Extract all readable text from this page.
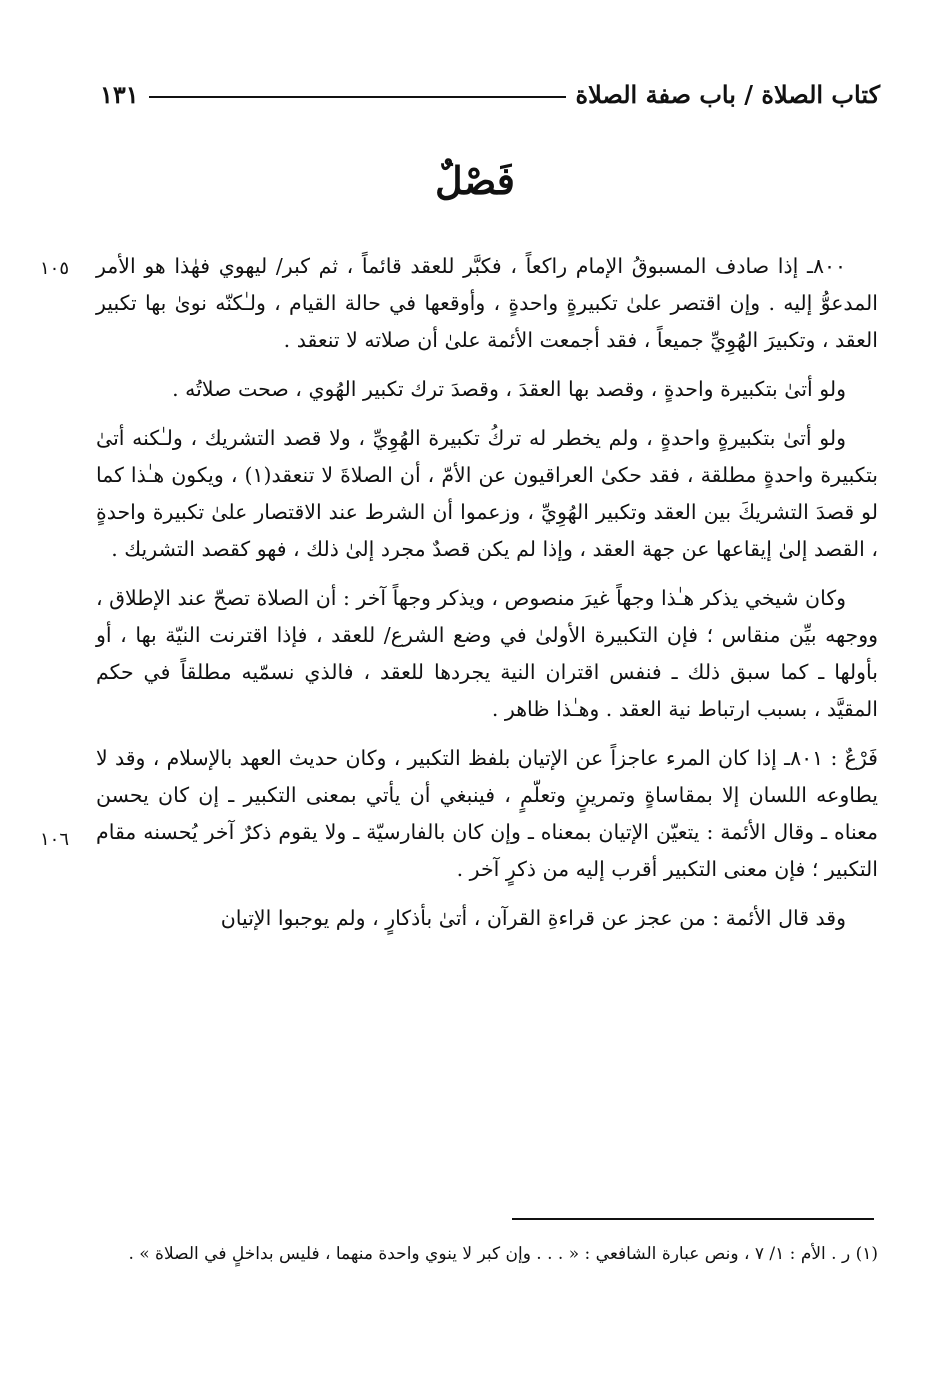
كتاب الصلاة / باب صفة الصلاة
١٣١
فَصْلٌ
١٠٥
١٠٦

٨٠٠ـ إذا صادف المسبوقُ الإمام راكعاً ، فكبَّر للعقد قائماً ، ثم كبر/ ليهوي فهٰذا هو الأمر المدعوُّ إليه . وإن اقتصر علىٰ تكبيرةٍ واحدةٍ ، وأوقعها في حالة القيام ، ولـٰكنّه نوىٰ بها تكبير العقد ، وتكبيرَ الهُوِيِّ جميعاً ، فقد أجمعت الأئمة علىٰ أن صلاته لا تنعقد .

ولو أتىٰ بتكبيرة واحدةٍ ، وقصد بها العقدَ ، وقصدَ ترك تكبير الهُوي ، صحت صلاتُه .

ولو أتىٰ بتكبيرةٍ واحدةٍ ، ولم يخطر له تركُ تكبيرة الهُوِيِّ ، ولا قصد التشريك ، ولـٰكنه أتىٰ بتكبيرة واحدةٍ مطلقة ، فقد حكىٰ العراقيون عن الأمّ ، أن الصلاةَ لا تنعقد(١) ، ويكون هـٰذا كما لو قصدَ التشريكَ بين العقد وتكبير الهُوِيِّ ، وزعموا أن الشرط عند الاقتصار علىٰ تكبيرة واحدةٍ ، القصد إلىٰ إيقاعها عن جهة العقد ، وإذا لم يكن قصدٌ مجرد إلىٰ ذلك ، فهو كقصد التشريك .

وكان شيخي يذكر هـٰذا وجهاً غيرَ منصوص ، ويذكر وجهاً آخر : أن الصلاة تصحّ عند الإطلاق ، ووجهه بيِّن منقاس ؛ فإن التكبيرة الأولىٰ في وضع الشرع/ للعقد ، فإذا اقترنت النيّة بها ، أو بأولها ـ كما سبق ذلك ـ فنفس اقتران النية يجردها للعقد ، فالذي نسمّيه مطلقاً في حكم المقيَّد ، بسبب ارتباط نية العقد . وهـٰذا ظاهر .

فَرْعٌ : ٨٠١ـ إذا كان المرء عاجزاً عن الإتيان بلفظ التكبير ، وكان حديث العهد بالإسلام ، وقد لا يطاوعه اللسان إلا بمقاساةٍ وتمرينٍ وتعلّمٍ ، فينبغي أن يأتي بمعنى التكبير ـ إن كان يحسن معناه ـ وقال الأئمة : يتعيّن الإتيان بمعناه ـ وإن كان بالفارسيّة ـ ولا يقوم ذكرٌ آخر يُحسنه مقام التكبير ؛ فإن معنى التكبير أقرب إليه من ذكرٍ آخر .

وقد قال الأئمة : من عجز عن قراءةِ القرآن ، أتىٰ بأذكارٍ ، ولم يوجبوا الإتيان

(١) ر . الأم : ١/ ٧ ، ونص عبارة الشافعي : « . . . وإن كبر لا ينوي واحدة منهما ، فليس بداخلٍ في الصلاة » .
